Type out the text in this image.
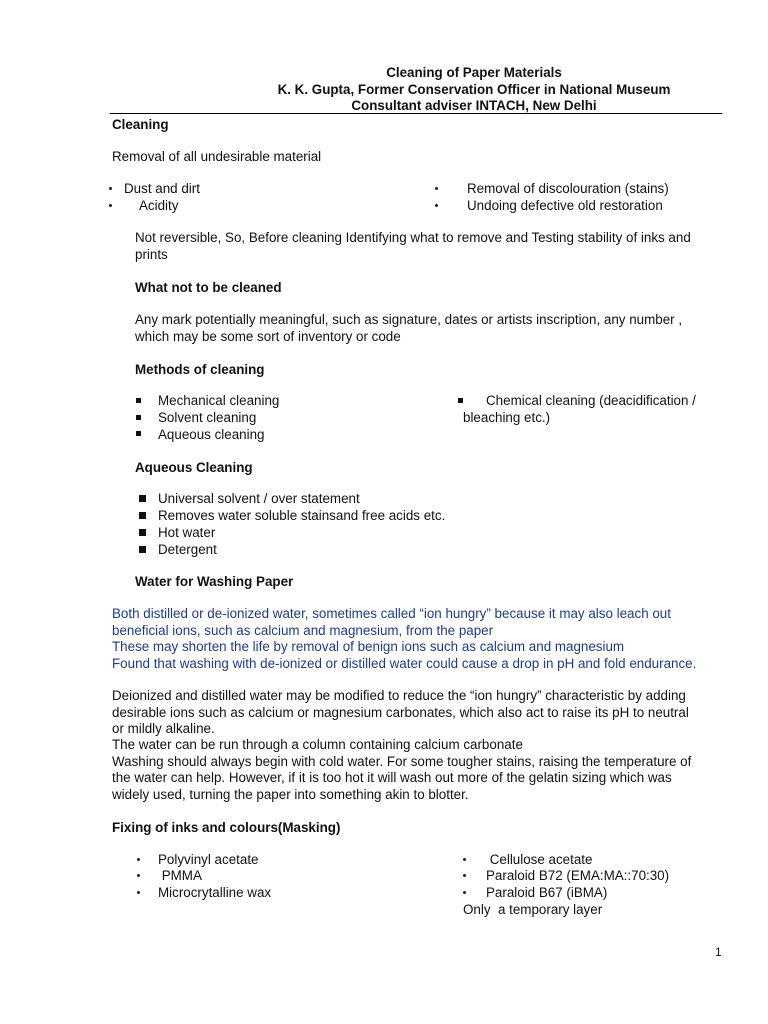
Cleaning of Paper Materials
K. K. Gupta, Former Conservation Officer in National Museum
Consultant adviser INTACH, New Delhi
Cleaning
Removal of all undesirable material
Dust and dirt
Acidity
Removal of discolouration (stains)
Undoing defective old restoration
Not reversible, So, Before cleaning Identifying what to remove and Testing stability of inks and
prints
What not to be cleaned
Any mark potentially meaningful, such as signature, dates or artists inscription, any number ,
which may be some sort of inventory or code
Methods of cleaning
Mechanical cleaning
Solvent cleaning
Aqueous cleaning
Chemical cleaning (deacidification /
bleaching etc.)
Aqueous Cleaning
Universal solvent / over statement
Removes water soluble stainsand free acids etc.
Hot water
Detergent
Water for Washing Paper
Both distilled or de-ionized water, sometimes called “ion hungry” because it may also leach out
beneficial ions, such as calcium and magnesium, from the paper
These may shorten the life by removal of benign ions such as calcium and magnesium
Found that washing with de-ionized or distilled water could cause a drop in pH and fold endurance.
Deionized and distilled water may be modified to reduce the “ion hungry” characteristic by adding
desirable ions such as calcium or magnesium carbonates, which also act to raise its pH to neutral
or mildly alkaline.
The water can be run through a column containing calcium carbonate
Washing should always begin with cold water. For some tougher stains, raising the temperature of
the water can help. However, if it is too hot it will wash out more of the gelatin sizing which was
widely used, turning the paper into something akin to blotter.
Fixing of inks and colours(Masking)
Polyvinyl acetate
PMMA
Microcrytalline wax
Cellulose acetate
Paraloid B72 (EMA:MA::70:30)
Paraloid B67 (iBMA)
Only  a temporary layer
1
